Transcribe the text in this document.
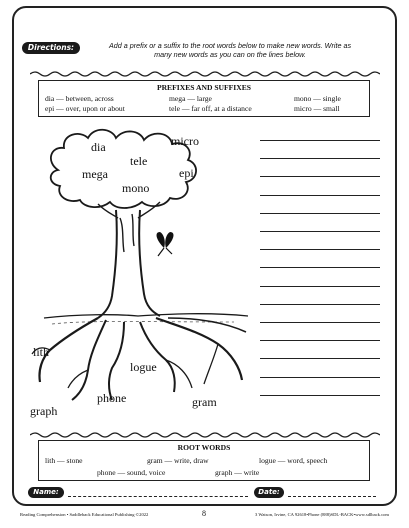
Directions:	Add a prefix or a suffix to the root words below to make new words. Write as
many new words as you can on the lines below.
PREFIXES AND SUFFIXES
dia — between, across	mega — large	mono — single
epi — over, upon or about	tele — far off, at a distance	micro — small
micro
dia
tele
mega	epi
mono
lith
logue
phone
graph
gram
ROOT WORDS
lith — stone	gram — write, draw	logue — word, speech
phone — sound, voice	graph — write
Name:	Date:
Reading Comprehension • Saddleback Educational Publishing ©2022	8	3 Watson, Irvine, CA 92618•Phone (888)SDL-BACK•www.sdlback.com
